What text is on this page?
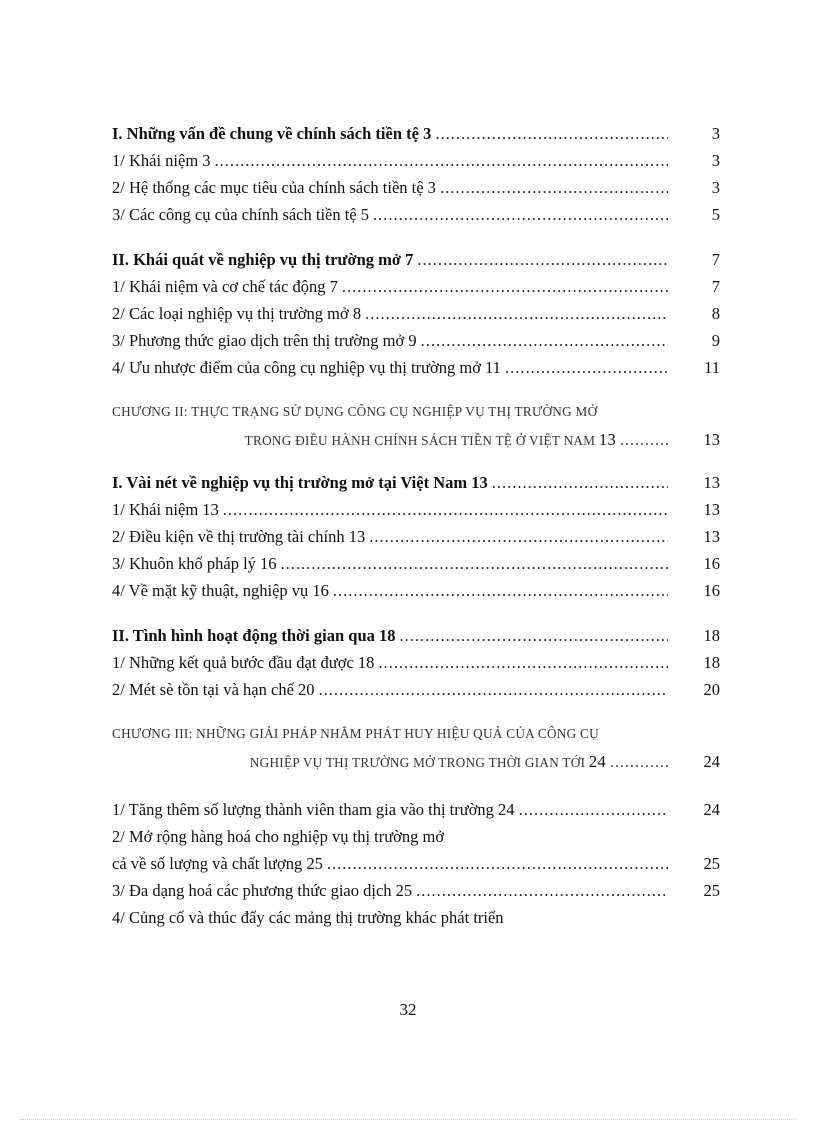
I. Những vấn đề chung về chính sách tiền tệ 3 .....	3
1/ Khái niệm 3 .....	3
2/ Hệ thống các mục tiêu của chính sách tiền tệ 3 .....	3
3/ Các công cụ của chính sách tiền tệ 5 .....	5
II. Khái quát về nghiệp vụ thị trường mở 7 .....	7
1/ Khái niệm và cơ chế tác động 7 .....	7
2/ Các loại nghiệp vụ thị trường mở 8 .....	8
3/ Phương thức giao dịch trên thị trường mở 9 .....	9
4/ Ưu nhược điểm của công cụ nghiệp vụ thị trường mở 11 .....	11
CHƯƠNG II: THỰC TRẠNG SỬ DỤNG CÔNG CỤ NGHIỆP VỤ THỊ TRƯỜNG MỞ
TRONG ĐIỀU HÀNH CHÍNH SÁCH TIỀN TỆ Ở VIỆT NAM 13 ..........	13
I. Vài nét về nghiệp vụ thị trường mở tại Việt Nam 13 .....	13
1/ Khái niệm 13 .....	13
2/ Điều kiện về thị trường tài chính 13 .....	13
3/ Khuôn khổ pháp lý 16 .....	16
4/ Về mặt kỹ thuật, nghiệp vụ 16 .....	16
II. Tình hình hoạt động thời gian qua 18 .....	18
1/ Những kết quả bước đầu đạt được 18 .....	18
2/ Mét sè tồn tại và hạn chế 20 .....	20
CHƯƠNG III: NHỮNG GIẢI PHÁP NHẰM PHÁT HUY HIỆU QUẢ CỦA CÔNG CỤ
NGHIỆP VỤ THỊ TRƯỜNG MỞ TRONG THỜI GIAN TỚI 24 ............	24
1/ Tăng thêm số lượng thành viên tham gia vào thị trường 24 .....	24
2/ Mở rộng hàng hoá cho nghiệp vụ thị trường mở
cả về số lượng và chất lượng 25 .....	25
3/ Đa dạng hoá các phương thức giao dịch 25 .....	25
4/ Củng cố và thúc đẩy các mảng thị trường khác phát triển
32
